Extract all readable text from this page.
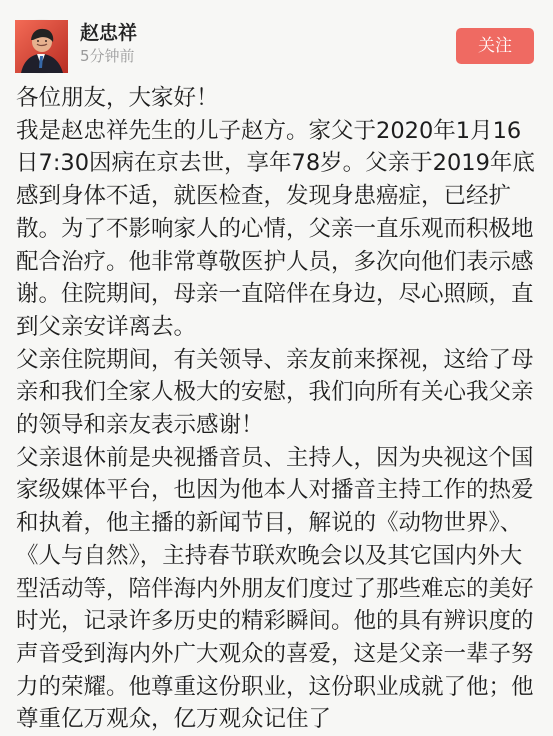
赵忠祥
5分钟前	关注

各位朋友，大家好！

我是赵忠祥先生的儿子赵方。家父于2020年1月16日7:30因病在京去世，享年78岁。父亲于2019年底感到身体不适，就医检查，发现身患癌症，已经扩散。为了不影响家人的心情，父亲一直乐观而积极地配合治疗。他非常尊敬医护人员，多次向他们表示感谢。住院期间，母亲一直陪伴在身边，尽心照顾，直到父亲安详离去。

父亲住院期间，有关领导、亲友前来探视，这给了母亲和我们全家人极大的安慰，我们向所有关心我父亲的领导和亲友表示感谢！

父亲退休前是央视播音员、主持人，因为央视这个国家级媒体平台，也因为他本人对播音主持工作的热爱和执着，他主播的新闻节目，解说的《动物世界》、《人与自然》，主持春节联欢晚会以及其它国内外大型活动等，陪伴海内外朋友们度过了那些难忘的美好时光，记录许多历史的精彩瞬间。他的具有辨识度的声音受到海内外广大观众的喜爱，这是父亲一辈子努力的荣耀。他尊重这份职业，这份职业成就了他；他尊重亿万观众，亿万观众记住了
